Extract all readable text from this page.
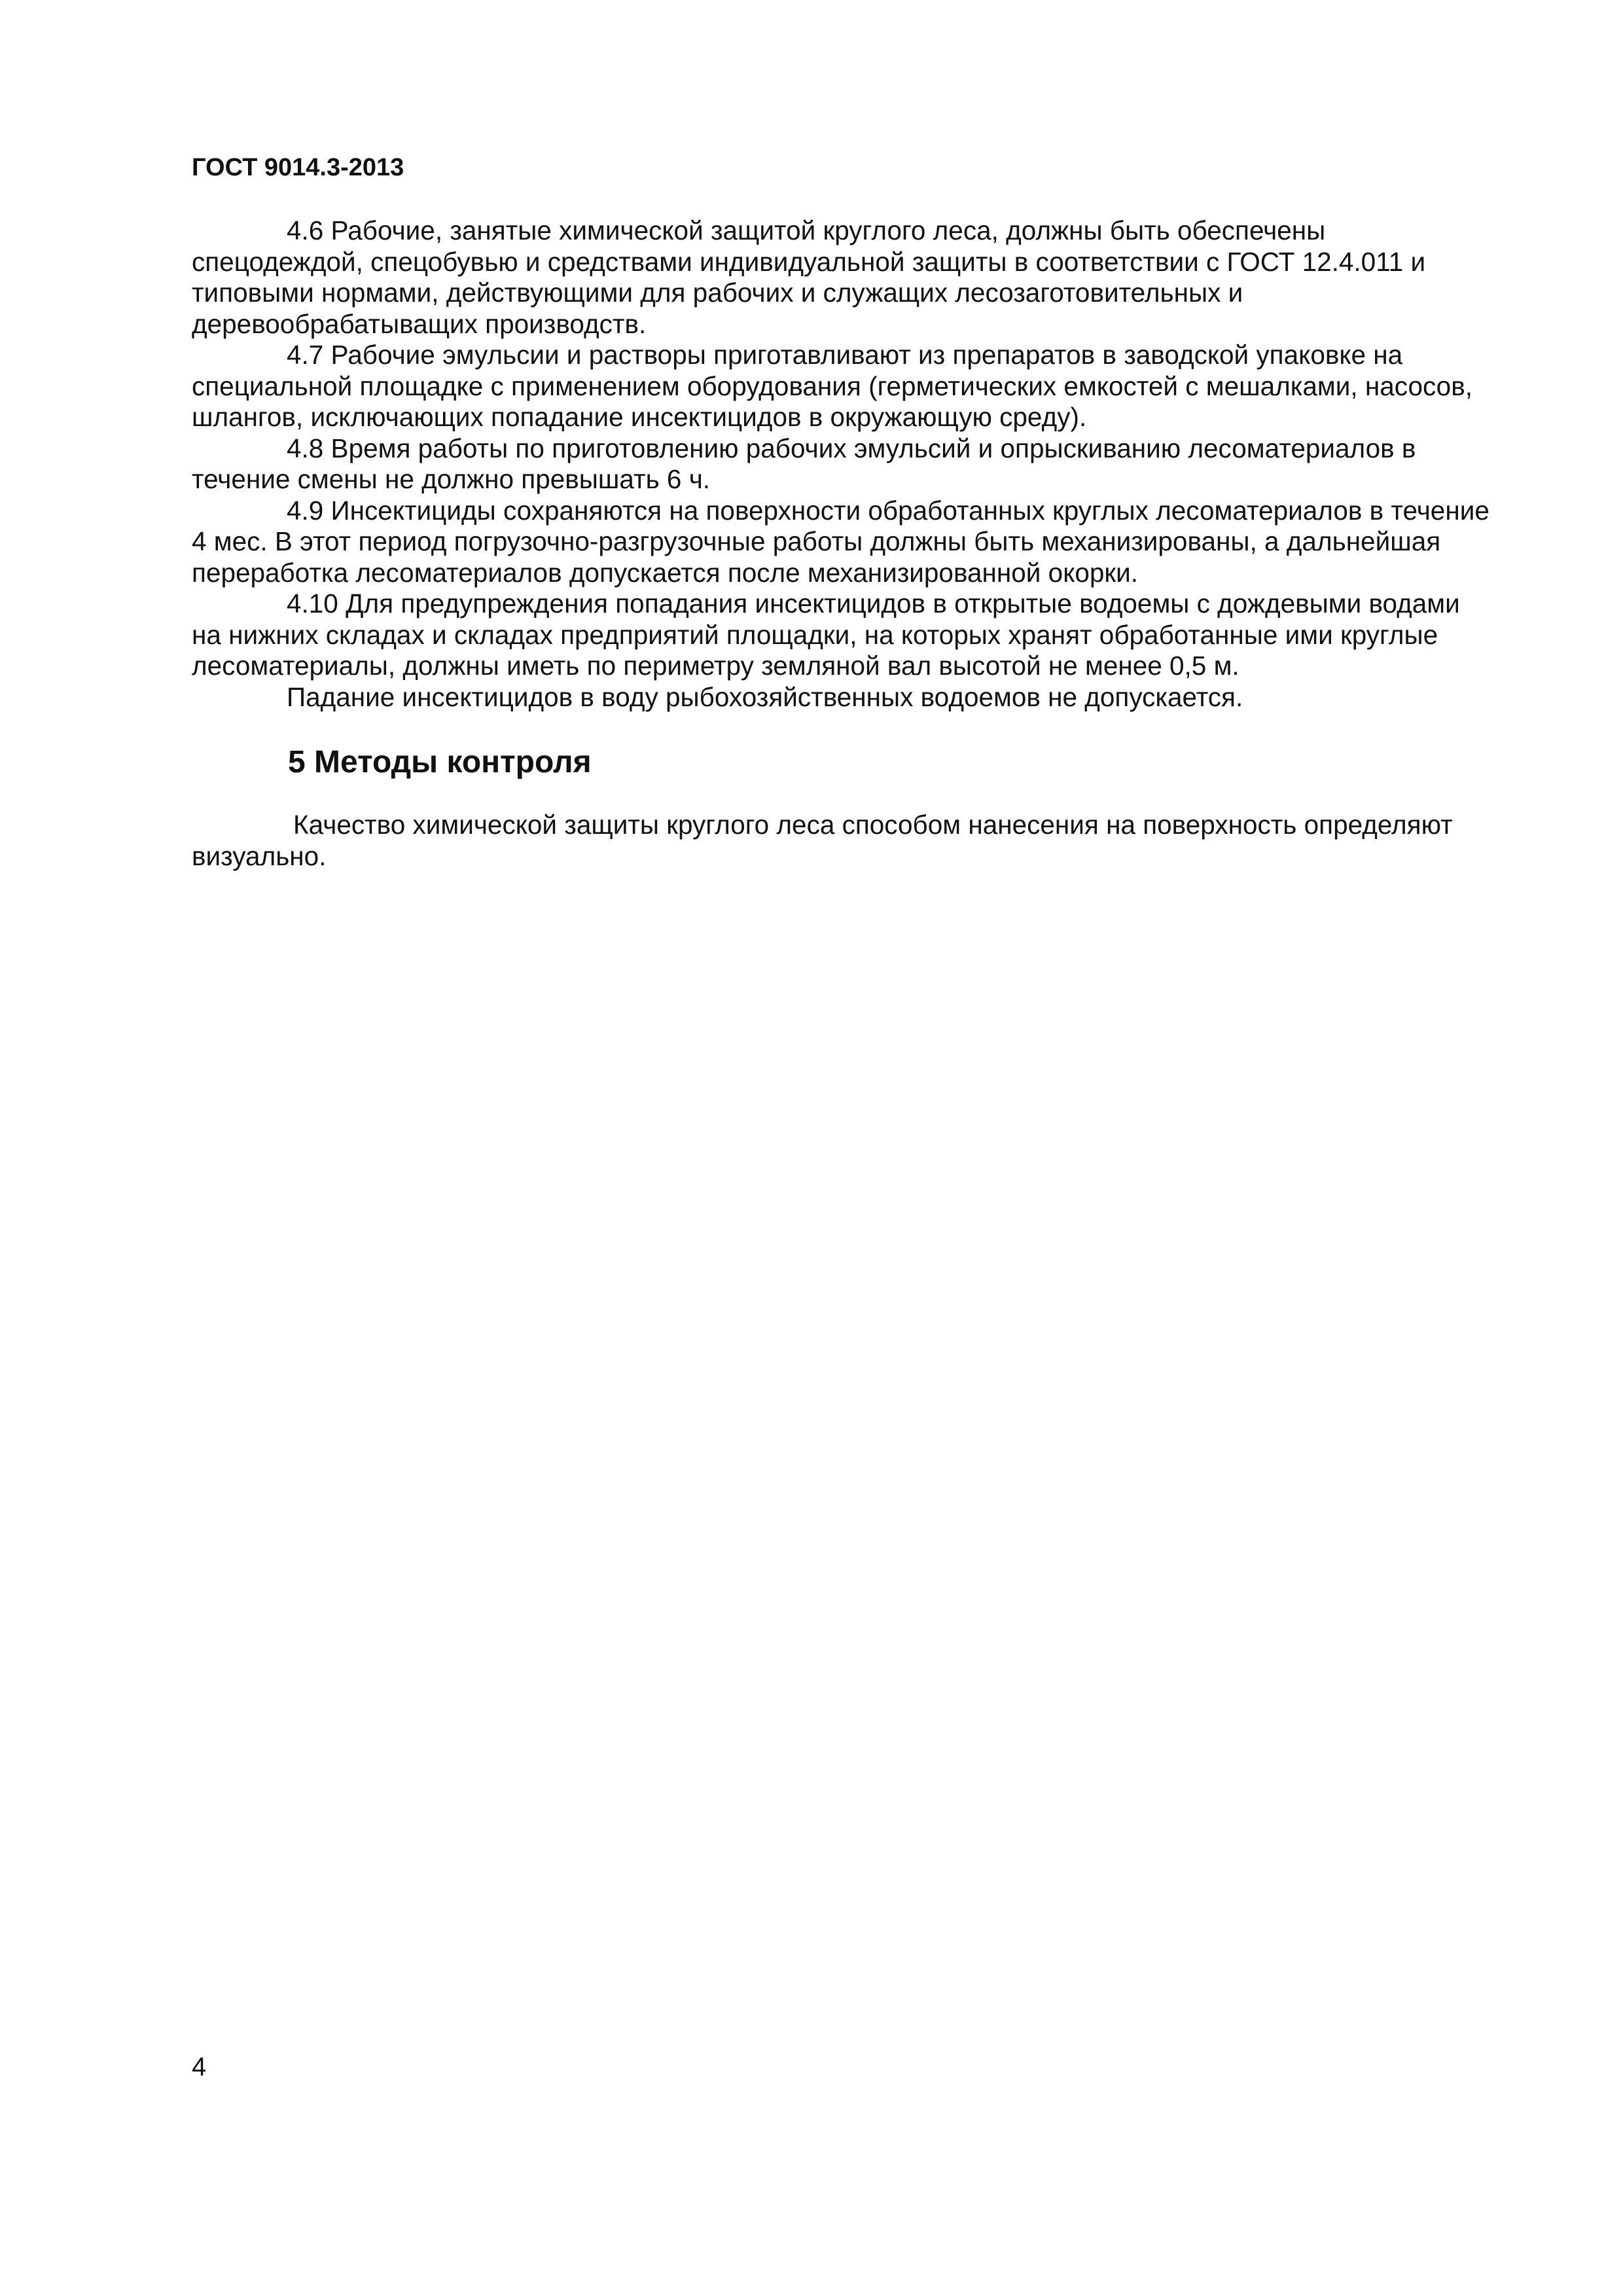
ГОСТ 9014.3-2013

4.6 Рабочие, занятые химической защитой круглого леса, должны быть обеспечены спецодеждой, спецобувью и средствами индивидуальной защиты в соответствии с ГОСТ 12.4.011 и типовыми нормами, действующими для рабочих и служащих лесозаготовительных и деревообрабатыващих производств.

4.7 Рабочие эмульсии и растворы приготавливают из препаратов в заводской упаковке на специальной площадке с применением оборудования (герметических емкостей с мешалками, насосов, шлангов, исключающих попадание инсектицидов в окружающую среду).

4.8 Время работы по приготовлению рабочих эмульсий и опрыскиванию лесоматериалов в течение смены не должно превышать 6 ч.

4.9 Инсектициды сохраняются на поверхности обработанных круглых лесоматериалов в течение 4 мес. В этот период погрузочно-разгрузочные работы должны быть механизированы, а дальнейшая переработка лесоматериалов допускается после механизированной окорки.

4.10 Для предупреждения попадания инсектицидов в открытые водоемы с дождевыми водами на нижних складах и складах предприятий площадки, на которых хранят обработанные ими круглые лесоматериалы, должны иметь по периметру земляной вал высотой не менее 0,5 м.

Падание инсектицидов в воду рыбохозяйственных водоемов не допускается.

5 Методы контроля

Качество химической защиты круглого леса способом нанесения на поверхность определяют визуально.

4
